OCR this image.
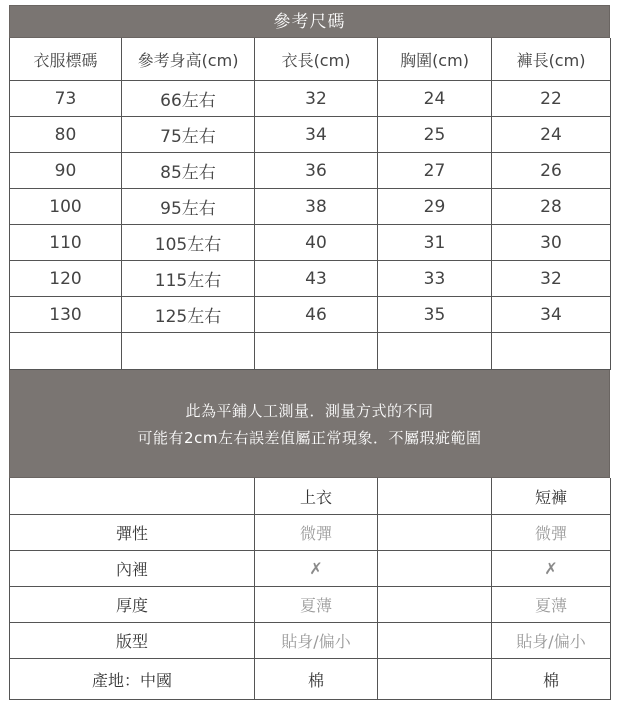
參考尺碼
衣服標碼	參考身高(cm)	衣長(cm)	胸圍(cm)	褲長(cm)
73	66左右	32	24	22
80	75左右	34	25	24
90	85左右	36	27	26
100	95左右	38	29	28
110	105左右	40	31	30
120	115左右	43	33	32
130	125左右	46	35	34

此為平鋪人工測量．測量方式的不同
可能有2cm左右誤差值屬正常現象．不屬瑕疵範圍
	上衣		短褲
彈性	微彈		微彈
內裡	✗		✗
厚度	夏薄		夏薄
版型	貼身/偏小		貼身/偏小
產地：中國	棉		棉
